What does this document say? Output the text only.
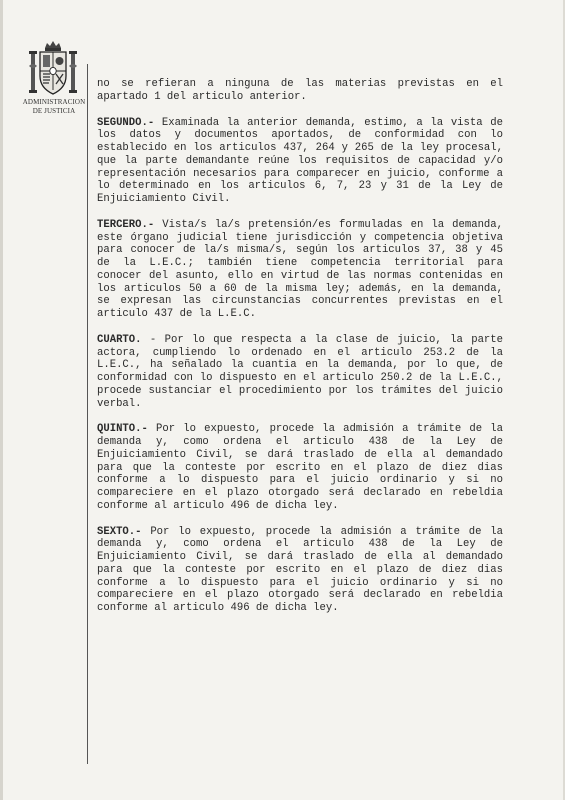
ADMINISTRACION
DE JUSTICIA

no se refieran a ninguna de las materias previstas en el apartado 1 del articulo anterior.

SEGUNDO.- Examinada la anterior demanda, estimo, a la vista de los datos y documentos aportados, de conformidad con lo establecido en los articulos 437, 264 y 265 de la ley procesal, que la parte demandante reúne los requisitos de capacidad y/o representación necesarios para comparecer en juicio, conforme a lo determinado en los articulos 6, 7, 23 y 31 de la Ley de Enjuiciamiento Civil.

TERCERO.- Vista/s la/s pretensión/es formuladas en la demanda, este órgano judicial tiene jurisdicción y competencia objetiva para conocer de la/s misma/s, según los articulos 37, 38 y 45 de la L.E.C.; también tiene competencia territorial para conocer del asunto, ello en virtud de las normas contenidas en los articulos 50 a 60 de la misma ley; además, en la demanda, se expresan las circunstancias concurrentes previstas en el articulo 437 de la L.E.C.

CUARTO. - Por lo que respecta a la clase de juicio, la parte actora, cumpliendo lo ordenado en el articulo 253.2 de la L.E.C., ha señalado la cuantia en la demanda, por lo que, de conformidad con lo dispuesto en el articulo 250.2 de la L.E.C., procede sustanciar el procedimiento por los trámites del juicio verbal.

QUINTO.- Por lo expuesto, procede la admisión a trámite de la demanda y, como ordena el articulo 438 de la Ley de Enjuiciamiento Civil, se dará traslado de ella al demandado para que la conteste por escrito en el plazo de diez dias conforme a lo dispuesto para el juicio ordinario y si no compareciere en el plazo otorgado será declarado en rebeldia conforme al articulo 496 de dicha ley.

SEXTO.- Por lo expuesto, procede la admisión a trámite de la demanda y, como ordena el articulo 438 de la Ley de Enjuiciamiento Civil, se dará traslado de ella al demandado para que la conteste por escrito en el plazo de diez dias conforme a lo dispuesto para el juicio ordinario y si no compareciere en el plazo otorgado será declarado en rebeldia conforme al articulo 496 de dicha ley.
